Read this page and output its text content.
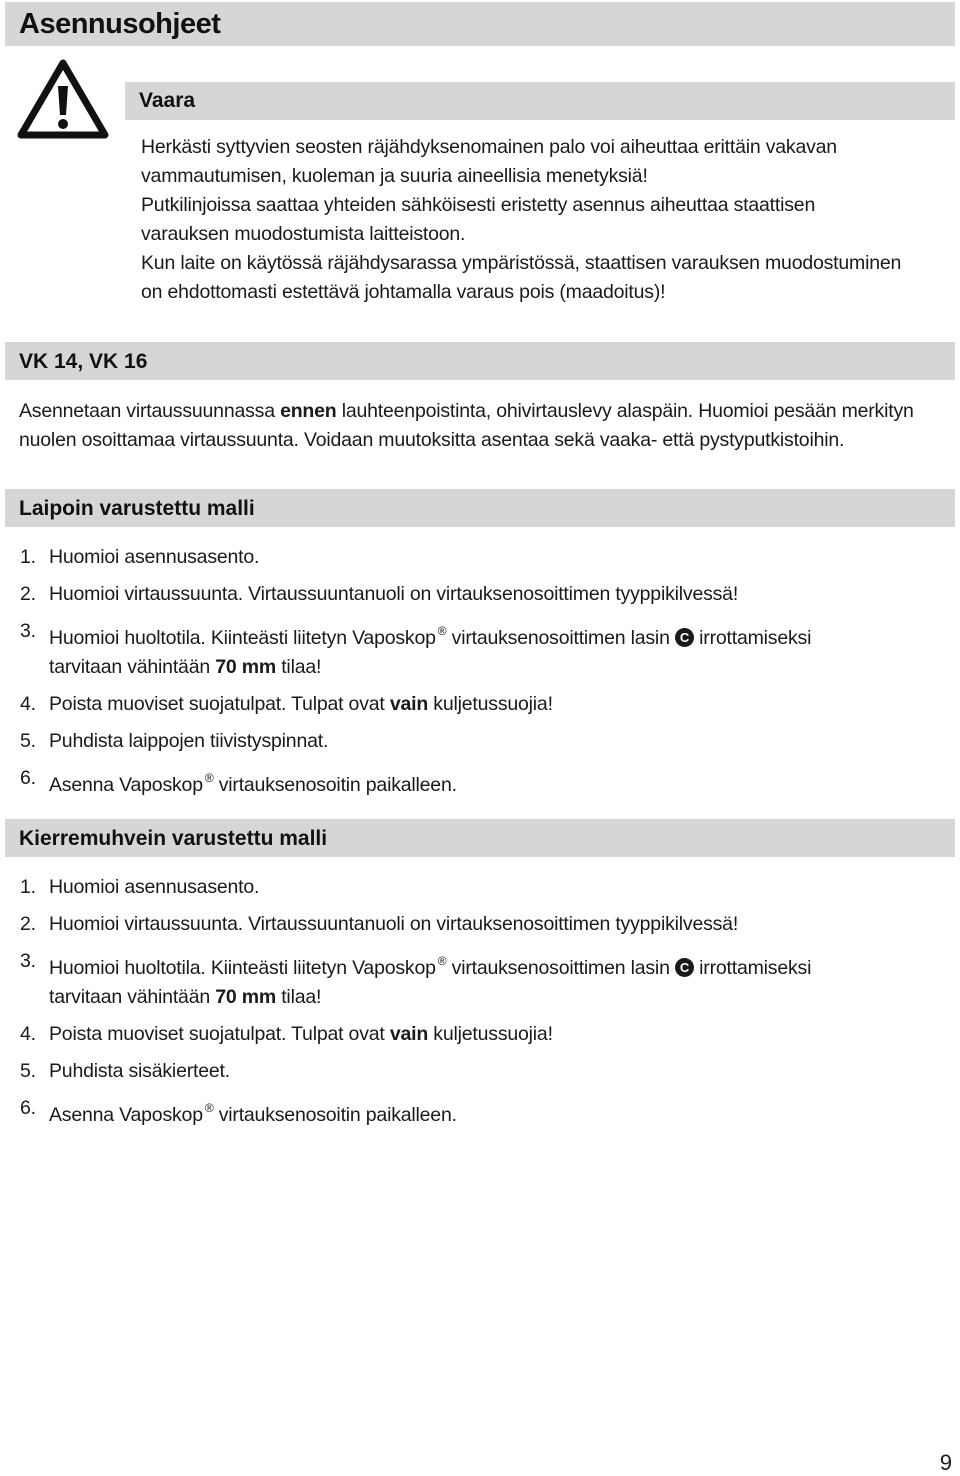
Asennusohjeet
Vaara
Herkästi syttyvien seosten räjähdyksenomainen palo voi aiheuttaa erittäin vakavan
vammautumisen, kuoleman ja suuria aineellisia menetyksiä!
Putkilinjoissa saattaa yhteiden sähköisesti eristetty asennus aiheuttaa staattisen
varauksen muodostumista laitteistoon.
Kun laite on käytössä räjähdysarassa ympäristössä, staattisen varauksen muodostuminen
on ehdottomasti estettävä johtamalla varaus pois (maadoitus)!
VK 14, VK 16
Asennetaan virtaussuunnassa ennen lauhteenpoistinta, ohivirtauslevy alaspäin. Huomioi pesään merkityn
nuolen osoittamaa virtaussuunta. Voidaan muutoksitta asentaa sekä vaaka- että pystyputkistoihin.
Laipoin varustettu malli
1. Huomioi asennusasento.
2. Huomioi virtaussuunta. Virtaussuuntanuoli on virtauksenosoittimen tyyppikilvessä!
3. Huomioi huoltotila. Kiinteästi liitetyn Vaposkop ® virtauksenosoittimen lasin C irrottamiseksi
tarvitaan vähintään 70 mm tilaa!
4. Poista muoviset suojatulpat. Tulpat ovat vain kuljetussuojia!
5. Puhdista laippojen tiivistyspinnat.
6. Asenna Vaposkop ® virtauksenosoitin paikalleen.
Kierremuhvein varustettu malli
1. Huomioi asennusasento.
2. Huomioi virtaussuunta. Virtaussuuntanuoli on virtauksenosoittimen tyyppikilvessä!
3. Huomioi huoltotila. Kiinteästi liitetyn Vaposkop ® virtauksenosoittimen lasin C irrottamiseksi
tarvitaan vähintään 70 mm tilaa!
4. Poista muoviset suojatulpat. Tulpat ovat vain kuljetussuojia!
5. Puhdista sisäkierteet.
6. Asenna Vaposkop ® virtauksenosoitin paikalleen.
9
